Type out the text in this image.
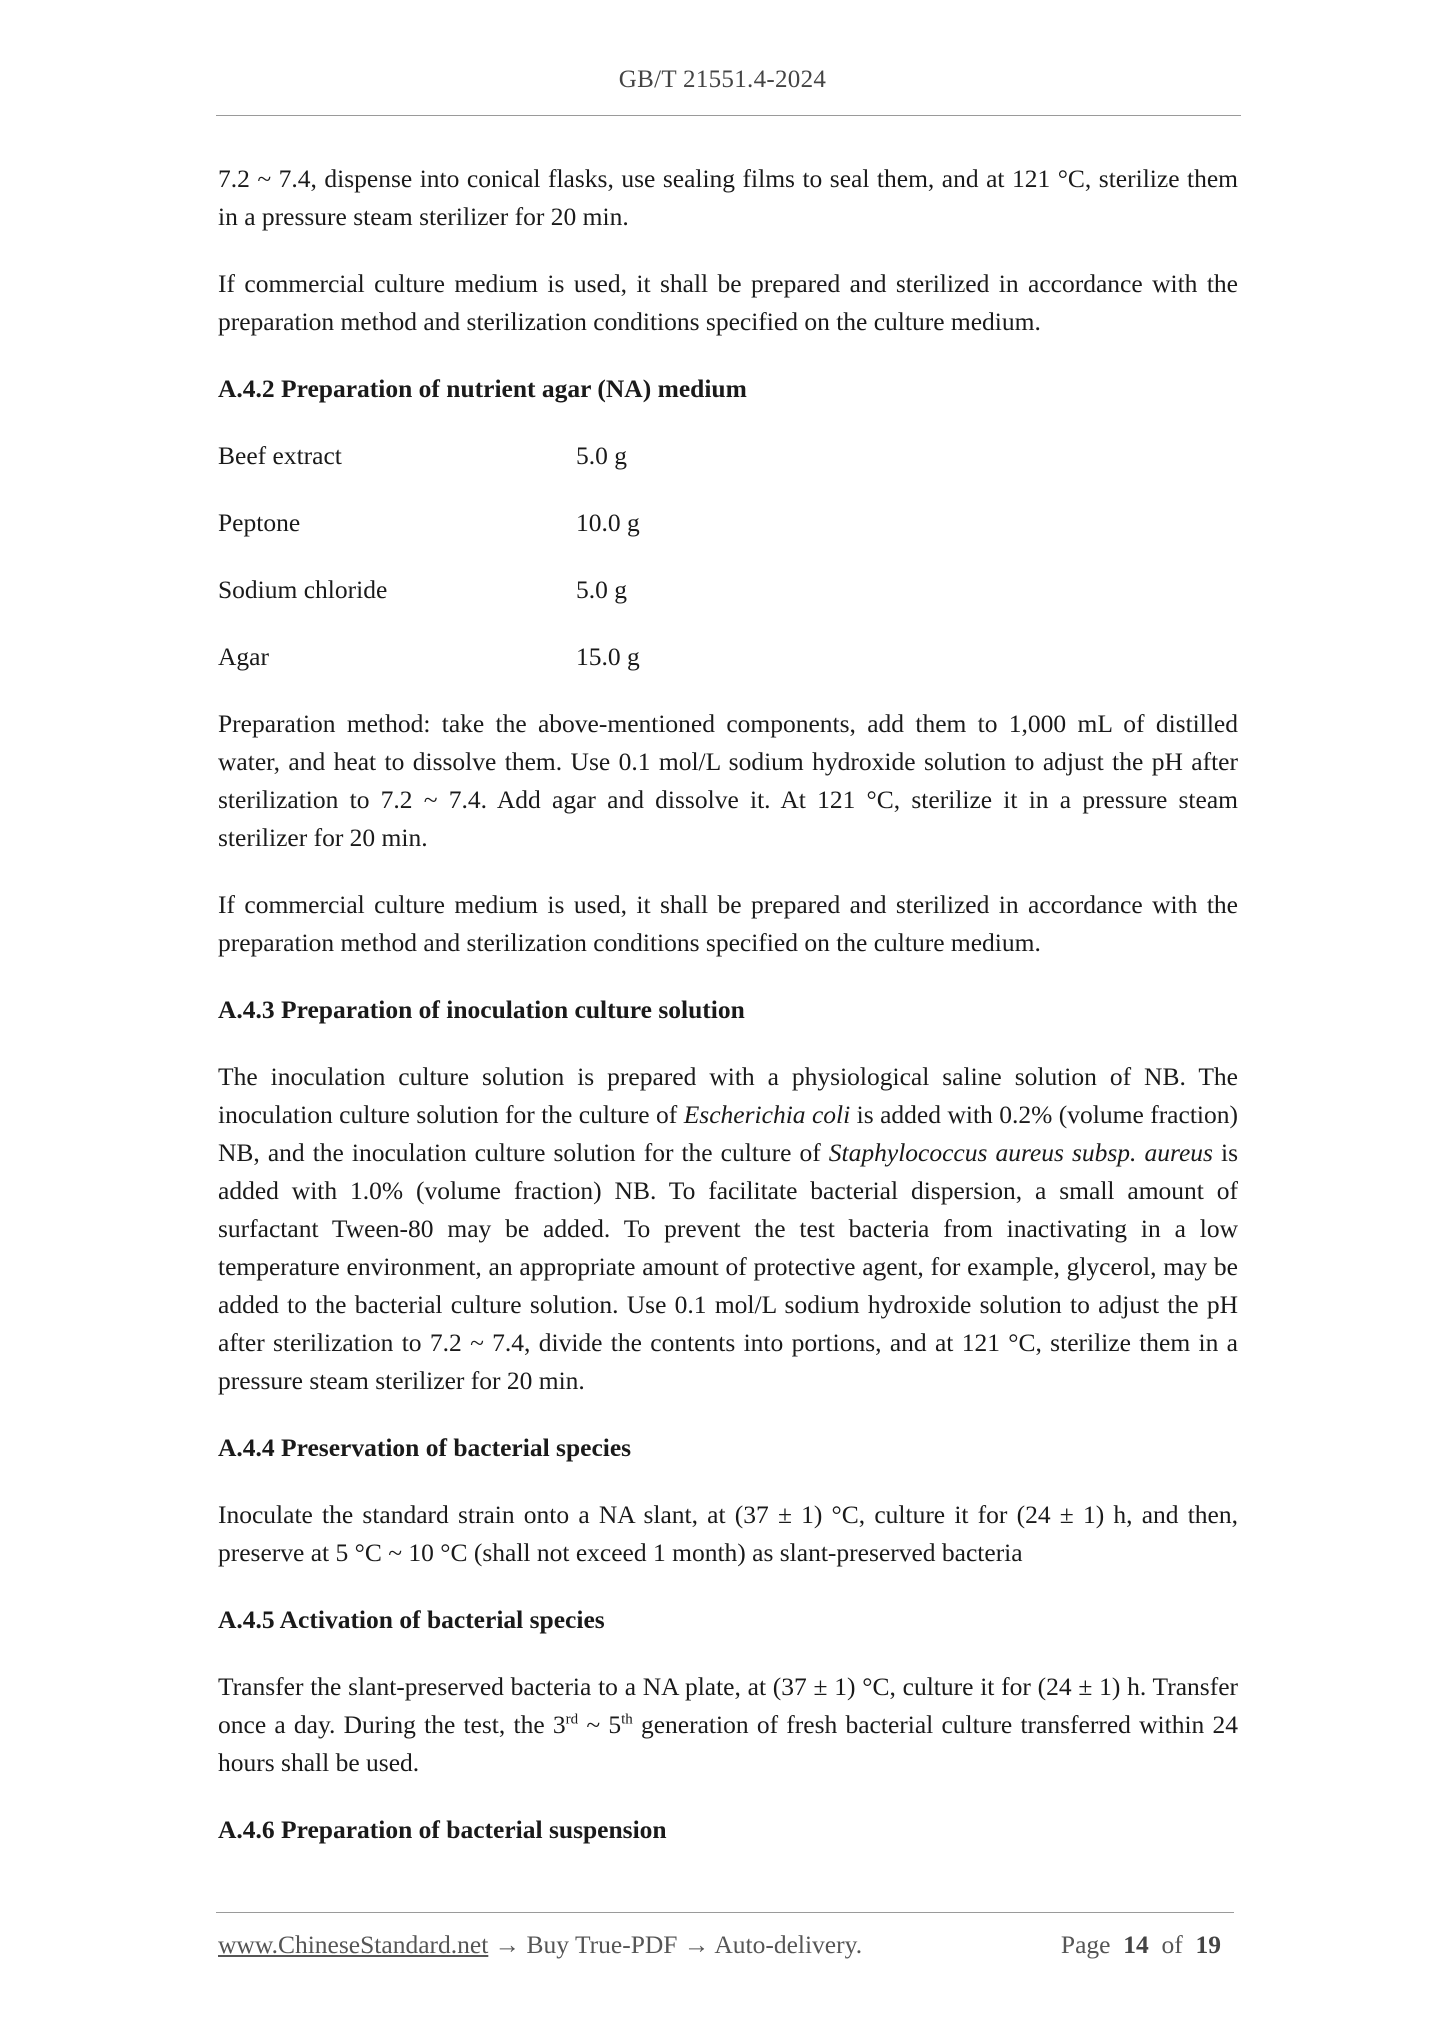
GB/T 21551.4-2024

7.2 ~ 7.4, dispense into conical flasks, use sealing films to seal them, and at 121 °C, sterilize them in a pressure steam sterilizer for 20 min.

If commercial culture medium is used, it shall be prepared and sterilized in accordance with the preparation method and sterilization conditions specified on the culture medium.

A.4.2 Preparation of nutrient agar (NA) medium
Beef extract	5.0 g
Peptone	10.0 g
Sodium chloride	5.0 g
Agar	15.0 g

Preparation method: take the above-mentioned components, add them to 1,000 mL of distilled water, and heat to dissolve them. Use 0.1 mol/L sodium hydroxide solution to adjust the pH after sterilization to 7.2 ~ 7.4. Add agar and dissolve it. At 121 °C, sterilize it in a pressure steam sterilizer for 20 min.

If commercial culture medium is used, it shall be prepared and sterilized in accordance with the preparation method and sterilization conditions specified on the culture medium.

A.4.3 Preparation of inoculation culture solution

The inoculation culture solution is prepared with a physiological saline solution of NB. The inoculation culture solution for the culture of Escherichia coli is added with 0.2% (volume fraction) NB, and the inoculation culture solution for the culture of Staphylococcus aureus subsp. aureus is added with 1.0% (volume fraction) NB. To facilitate bacterial dispersion, a small amount of surfactant Tween-80 may be added. To prevent the test bacteria from inactivating in a low temperature environment, an appropriate amount of protective agent, for example, glycerol, may be added to the bacterial culture solution. Use 0.1 mol/L sodium hydroxide solution to adjust the pH after sterilization to 7.2 ~ 7.4, divide the contents into portions, and at 121 °C, sterilize them in a pressure steam sterilizer for 20 min.

A.4.4 Preservation of bacterial species

Inoculate the standard strain onto a NA slant, at (37 ± 1) °C, culture it for (24 ± 1) h, and then, preserve at 5 °C ~ 10 °C (shall not exceed 1 month) as slant-preserved bacteria

A.4.5 Activation of bacterial species

Transfer the slant-preserved bacteria to a NA plate, at (37 ± 1) °C, culture it for (24 ± 1) h. Transfer once a day. During the test, the 3rd ~ 5th generation of fresh bacterial culture transferred within 24 hours shall be used.

A.4.6 Preparation of bacterial suspension
www.ChineseStandard.net → Buy True-PDF → Auto-delivery.	Page 14 of 19
